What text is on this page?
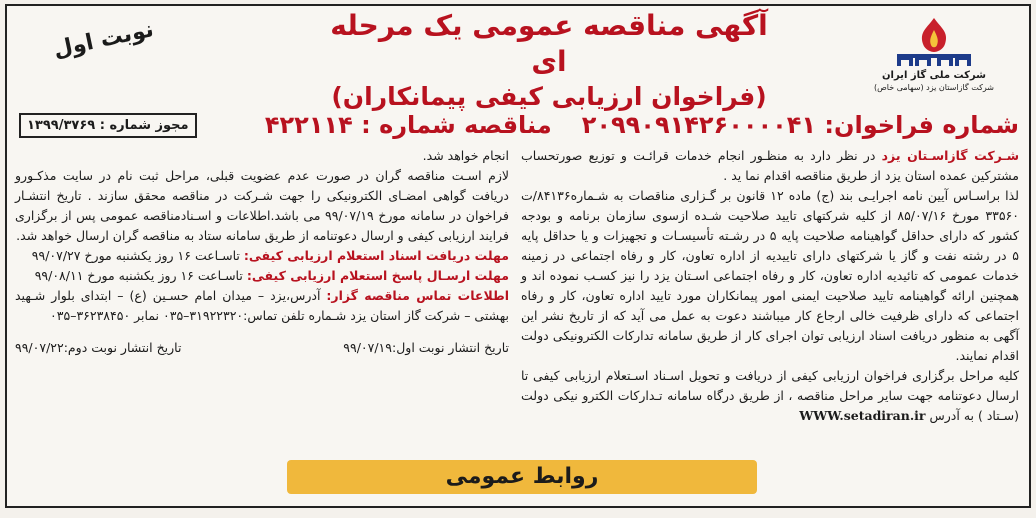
شرکت ملی گاز ایران
شرکت گازاستان یزد (سهامی خاص)
آگهی مناقصه عمومی یک مرحله ای
(فراخوان ارزیابی کیفی پیمانکاران)
نوبت اول
شماره فراخوان: ۲۰۹۹۰۹۱۴۲۶۰۰۰۰۴۱
مناقصه شماره : ۴۲۲۱۱۴
مجوز شماره : ۱۳۹۹/۳۷۶۹
شـرکت گازاسـتان یزد در نظر دارد به منظـور انجام خدمات قرائـت و توزیع صورتحساب مشترکین عمده استان یزد از طریق مناقصه اقدام نما ید .
لذا براسـاس آیین نامه اجرایـی بند (ج) ماده ۱۲ قانون بر گـزاری مناقصات به شـماره۸۴۱۳۶/ت ۳۳۵۶۰ مورخ ۸۵/۰۷/۱۶ از کلیه شرکتهای تایید صلاحیت شـده ازسوی سازمان برنامه و بودجه کشور که دارای حداقل گواهینامه صلاحیت پایه ۵ در رشـته تأسیسـات و تجهیزات و یا حداقل پایه ۵ در رشته نفت و گاز یا شرکتهای دارای تاییدیه از اداره تعاون، کار و رفاه اجتماعی در زمینه خدمات عمومی که تائیدیه اداره تعاون، کار و رفاه اجتماعی اسـتان یزد را نیز کسـب نموده اند و همچنین ارائه گواهینامه تایید صلاحیت ایمنی امور پیمانکاران مورد تایید اداره تعاون، کار و رفاه اجتماعی که دارای ظرفیت خالی ارجاع کار میباشند دعوت به عمل می آید که از تاریخ نشر این آگهی به منظور دریافت اسناد ارزیابی توان اجرای کار از طریق سامانه تدارکات الکترونیکی دولت اقدام نمایند.
کلیه مراحل برگزاری فراخوان ارزیابی کیفی از دریافت و تحویل اسـناد اسـتعلام ارزیابی کیفی تا ارسال دعوتنامه جهت سایر مراحل مناقصه ، از طریق درگاه سامانه تـدارکات الکترو نیکی دولت (سـتاد ) به آدرس WWW.setadiran.ir
انجام خواهد شد.
لازم اسـت مناقصه گران در صورت عدم عضویت قبلی، مراحل ثبت نام در سایت مذکـورو دریافت گواهی امضـای الکترونیکی را جهت شـرکت در مناقصه محقق سازند . تاریخ انتشـار فراخوان در سامانه مورخ ۹۹/۰۷/۱۹ می باشد.اطلاعات و اسـنادمناقصه عمومی پس از برگزاری فرایند ارزیابی کیفی و ارسال دعوتنامه از طریق سامانه ستاد به مناقصه گران ارسال خواهد شد.
مهلت دریافت اسناد استعلام ارزیابی کیفی: تاسـاعت ۱۶ روز یکشنبه مورخ ۹۹/۰۷/۲۷
مهلت ارسـال پاسخ استعلام ارزیابی کیفی: تاسـاعت ۱۶ روز یکشنبه مورخ ۹۹/۰۸/۱۱
اطلاعات تماس مناقصه گزار: آدرس،یزد – میدان امام حسـین (ع) – ابتدای بلوار شـهید بهشتی – شرکت گاز استان یزد شـماره تلفن تماس:۳۱۹۲۲۳۲۰–۰۳۵ نمابر ۳۶۲۳۸۴۵۰–۰۳۵
تاریخ انتشار نوبت اول:۹۹/۰۷/۱۹
تاریخ انتشار نوبت دوم:۹۹/۰۷/۲۲
روابط عمومی
